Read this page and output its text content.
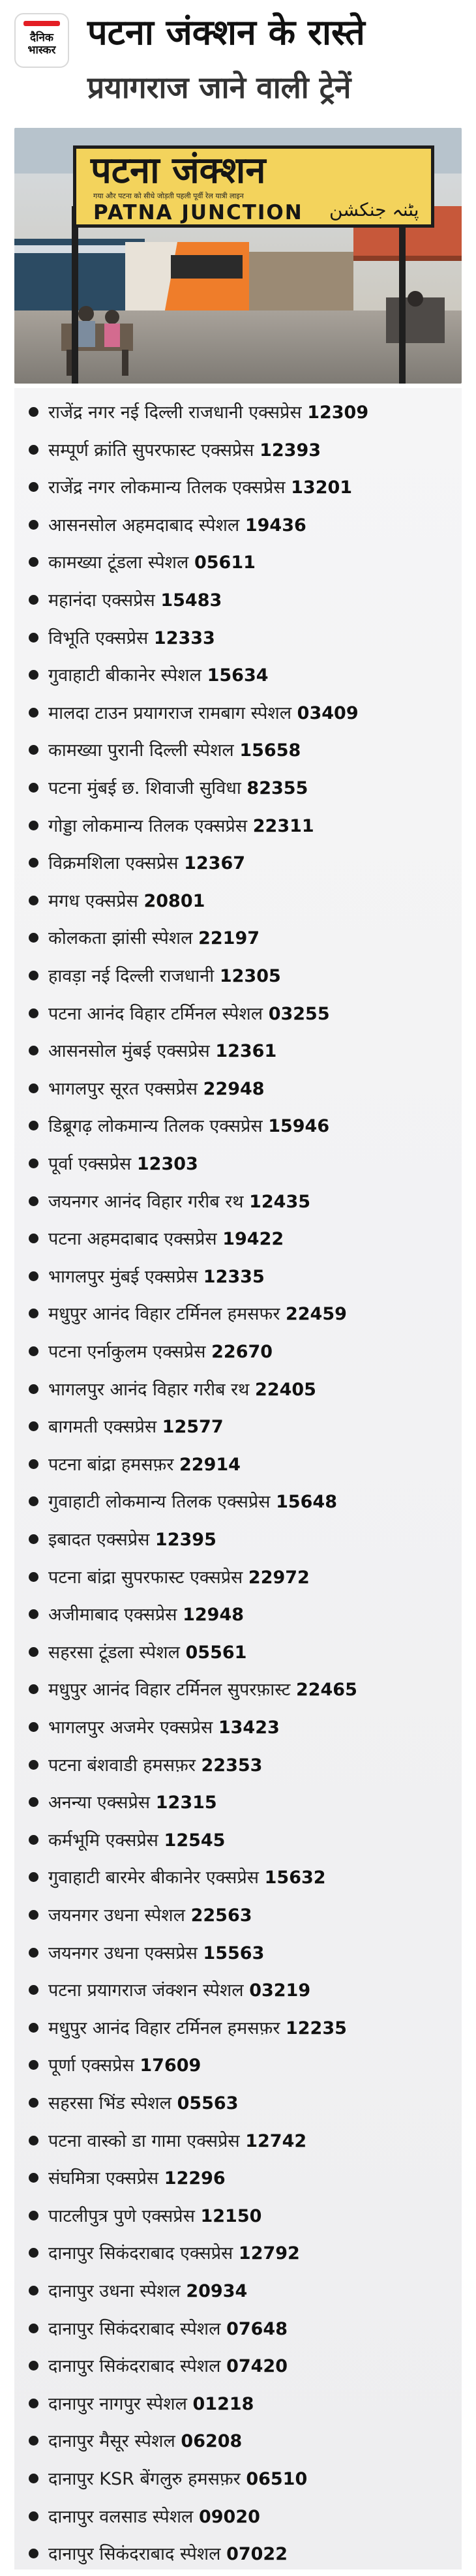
दैनिक
भास्कर पटना जंक्शन के रास्ते
प्रयागराज जाने वाली ट्रेनें
पटना जंक्शन
गया और पटना को सीधे जोड़ती पहली पूर्वी रेल यात्री लाइन
PATNA JUNCTION پٹنہ جنکشن
राजेंद्र नगर नई दिल्ली राजधानी एक्सप्रेस 12309
सम्पूर्ण क्रांति सुपरफास्ट एक्सप्रेस 12393
राजेंद्र नगर लोकमान्य तिलक एक्सप्रेस 13201
आसनसोल अहमदाबाद स्पेशल 19436
कामख्या टूंडला स्पेशल 05611
महानंदा एक्सप्रेस 15483
विभूति एक्सप्रेस 12333
गुवाहाटी बीकानेर स्पेशल 15634
मालदा टाउन प्रयागराज रामबाग स्पेशल 03409
कामख्या पुरानी दिल्ली स्पेशल 15658
पटना मुंबई छ. शिवाजी सुविधा 82355
गोड्डा लोकमान्य तिलक एक्सप्रेस 22311
विक्रमशिला एक्सप्रेस 12367
मगध एक्सप्रेस 20801
कोलकता झांसी स्पेशल 22197
हावड़ा नई दिल्ली राजधानी 12305
पटना आनंद विहार टर्मिनल स्पेशल 03255
आसनसोल मुंबई एक्सप्रेस 12361
भागलपुर सूरत एक्सप्रेस 22948
डिब्रूगढ़ लोकमान्य तिलक एक्सप्रेस 15946
पूर्वा एक्सप्रेस 12303
जयनगर आनंद विहार गरीब रथ 12435
पटना अहमदाबाद एक्सप्रेस 19422
भागलपुर मुंबई एक्सप्रेस 12335
मधुपुर आनंद विहार टर्मिनल हमसफर 22459
पटना एर्नाकुलम एक्सप्रेस 22670
भागलपुर आनंद विहार गरीब रथ 22405
बागमती एक्सप्रेस 12577
पटना बांद्रा हमसफ़र 22914
गुवाहाटी लोकमान्य तिलक एक्सप्रेस 15648
इबादत एक्सप्रेस 12395
पटना बांद्रा सुपरफास्ट एक्सप्रेस 22972
अजीमाबाद एक्सप्रेस 12948
सहरसा टूंडला स्पेशल 05561
मधुपुर आनंद विहार टर्मिनल सुपरफ़ास्ट 22465
भागलपुर अजमेर एक्सप्रेस 13423
पटना बंशवाडी हमसफ़र 22353
अनन्या एक्सप्रेस 12315
कर्मभूमि एक्सप्रेस 12545
गुवाहाटी बारमेर बीकानेर एक्सप्रेस 15632
जयनगर उधना स्पेशल 22563
जयनगर उधना एक्सप्रेस 15563
पटना प्रयागराज जंक्शन स्पेशल 03219
मधुपुर आनंद विहार टर्मिनल हमसफ़र 12235
पूर्णा एक्सप्रेस 17609
सहरसा भिंड स्पेशल 05563
पटना वास्को डा गामा एक्सप्रेस 12742
संघमित्रा एक्सप्रेस 12296
पाटलीपुत्र पुणे एक्सप्रेस 12150
दानापुर सिकंदराबाद एक्सप्रेस 12792
दानापुर उधना स्पेशल 20934
दानापुर सिकंदराबाद स्पेशल 07648
दानापुर सिकंदराबाद स्पेशल 07420
दानापुर नागपुर स्पेशल 01218
दानापुर मैसूर स्पेशल 06208
दानापुर KSR बेंगलुरु हमसफ़र 06510
दानापुर वलसाड स्पेशल 09020
दानापुर सिकंदराबाद स्पेशल 07022
